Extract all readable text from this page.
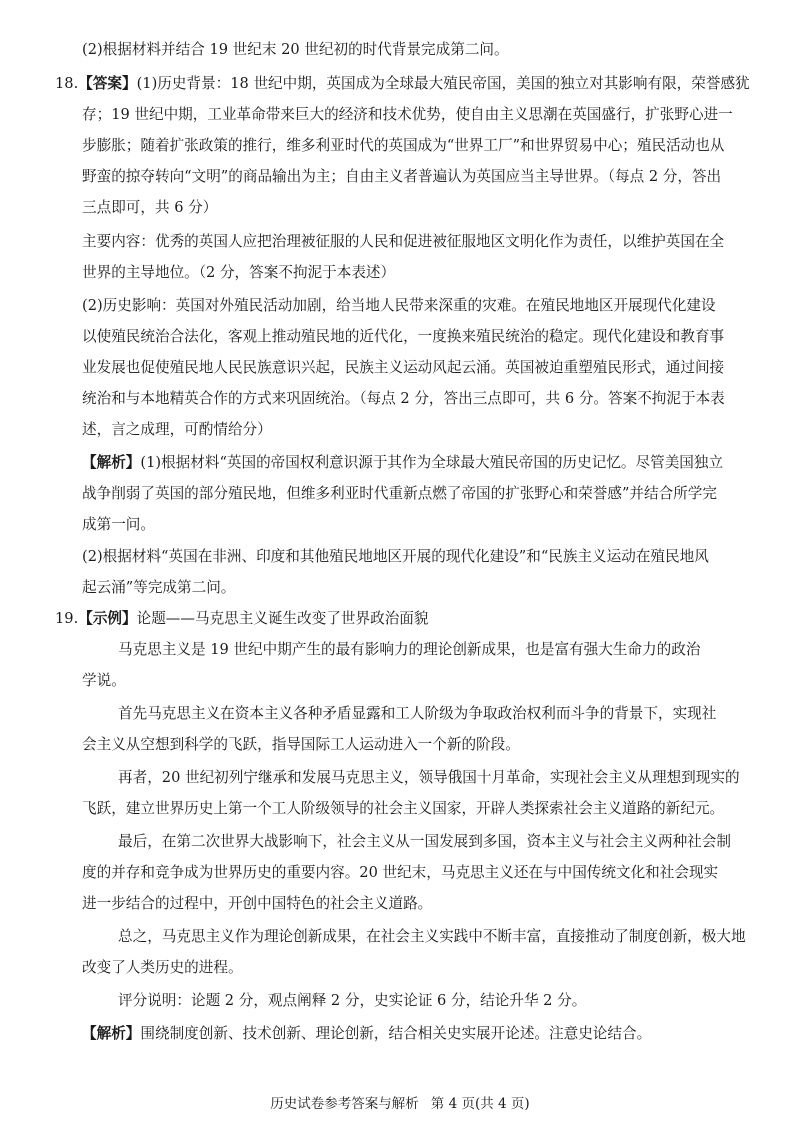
(2)根据材料并结合 19 世纪末 20 世纪初的时代背景完成第二问。
18.【答案】(1)历史背景：18 世纪中期，英国成为全球最大殖民帝国，美国的独立对其影响有限，荣誉感犹
存；19 世纪中期，工业革命带来巨大的经济和技术优势，使自由主义思潮在英国盛行，扩张野心进一
步膨胀；随着扩张政策的推行，维多利亚时代的英国成为“世界工厂”和世界贸易中心；殖民活动也从
野蛮的掠夺转向“文明”的商品输出为主；自由主义者普遍认为英国应当主导世界。（每点 2 分，答出
三点即可，共 6 分）
主要内容：优秀的英国人应把治理被征服的人民和促进被征服地区文明化作为责任，以维护英国在全
世界的主导地位。（2 分，答案不拘泥于本表述）
(2)历史影响：英国对外殖民活动加剧，给当地人民带来深重的灾难。在殖民地地区开展现代化建设
以使殖民统治合法化，客观上推动殖民地的近代化，一度换来殖民统治的稳定。现代化建设和教育事
业发展也促使殖民地人民民族意识兴起，民族主义运动风起云涌。英国被迫重塑殖民形式，通过间接
统治和与本地精英合作的方式来巩固统治。（每点 2 分，答出三点即可，共 6 分。答案不拘泥于本表
述，言之成理，可酌情给分）
【解析】(1)根据材料“英国的帝国权利意识源于其作为全球最大殖民帝国的历史记忆。尽管美国独立
战争削弱了英国的部分殖民地，但维多利亚时代重新点燃了帝国的扩张野心和荣誉感”并结合所学完
成第一问。
(2)根据材料“英国在非洲、印度和其他殖民地地区开展的现代化建设”和“民族主义运动在殖民地风
起云涌”等完成第二问。
19.【示例】论题——马克思主义诞生改变了世界政治面貌
马克思主义是 19 世纪中期产生的最有影响力的理论创新成果，也是富有强大生命力的政治
学说。
首先马克思主义在资本主义各种矛盾显露和工人阶级为争取政治权利而斗争的背景下，实现社
会主义从空想到科学的飞跃，指导国际工人运动进入一个新的阶段。
再者，20 世纪初列宁继承和发展马克思主义，领导俄国十月革命，实现社会主义从理想到现实的
飞跃，建立世界历史上第一个工人阶级领导的社会主义国家，开辟人类探索社会主义道路的新纪元。
最后，在第二次世界大战影响下，社会主义从一国发展到多国，资本主义与社会主义两种社会制
度的并存和竞争成为世界历史的重要内容。20 世纪末，马克思主义还在与中国传统文化和社会现实
进一步结合的过程中，开创中国特色的社会主义道路。
总之，马克思主义作为理论创新成果，在社会主义实践中不断丰富，直接推动了制度创新，极大地
改变了人类历史的进程。
评分说明：论题 2 分，观点阐释 2 分，史实论证 6 分，结论升华 2 分。
【解析】围绕制度创新、技术创新、理论创新，结合相关史实展开论述。注意史论结合。
历史试卷参考答案与解析 第 4 页(共 4 页)
